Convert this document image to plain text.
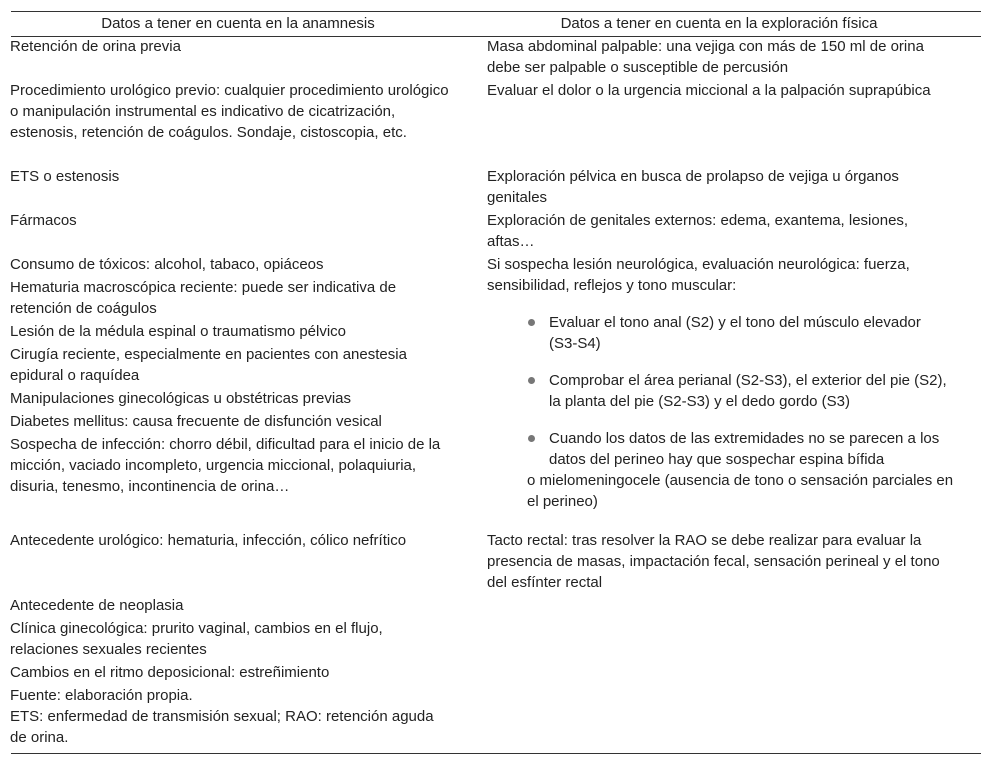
Datos a tener en cuenta en la anamnesis	Datos a tener en cuenta en la exploración física
Retención de orina previa
Procedimiento urológico previo: cualquier procedimiento urológico o manipulación instrumental es indicativo de cicatrización, estenosis, retención de coágulos. Sondaje, cistoscopia, etc.
ETS o estenosis
Fármacos
Consumo de tóxicos: alcohol, tabaco, opiáceos
Hematuria macroscópica reciente: puede ser indicativa de retención de coágulos
Lesión de la médula espinal o traumatismo pélvico
Cirugía reciente, especialmente en pacientes con anestesia epidural o raquídea
Manipulaciones ginecológicas u obstétricas previas
Diabetes mellitus: causa frecuente de disfunción vesical
Sospecha de infección: chorro débil, dificultad para el inicio de la micción, vaciado incompleto, urgencia miccional, polaquiuria, disuria, tenesmo, incontinencia de orina…
Antecedente urológico: hematuria, infección, cólico nefrítico
Antecedente de neoplasia
Clínica ginecológica: prurito vaginal, cambios en el flujo, relaciones sexuales recientes
Cambios en el ritmo deposicional: estreñimiento
Fuente: elaboración propia.
ETS: enfermedad de transmisión sexual; RAO: retención aguda de orina.
Masa abdominal palpable: una vejiga con más de 150 ml de orina debe ser palpable o susceptible de percusión
Evaluar el dolor o la urgencia miccional a la palpación suprapúbica
Exploración pélvica en busca de prolapso de vejiga u órganos genitales
Exploración de genitales externos: edema, exantema, lesiones, aftas…
Si sospecha lesión neurológica, evaluación neurológica: fuerza, sensibilidad, reflejos y tono muscular:
Evaluar el tono anal (S2) y el tono del músculo elevador (S3-S4)
Comprobar el área perianal (S2-S3), el exterior del pie (S2), la planta del pie (S2-S3) y el dedo gordo (S3)
Cuando los datos de las extremidades no se parecen a los datos del perineo hay que sospechar espina bífida
o mielomeningocele (ausencia de tono o sensación parciales en el perineo)
Tacto rectal: tras resolver la RAO se debe realizar para evaluar la presencia de masas, impactación fecal, sensación perineal y el tono del esfínter rectal
